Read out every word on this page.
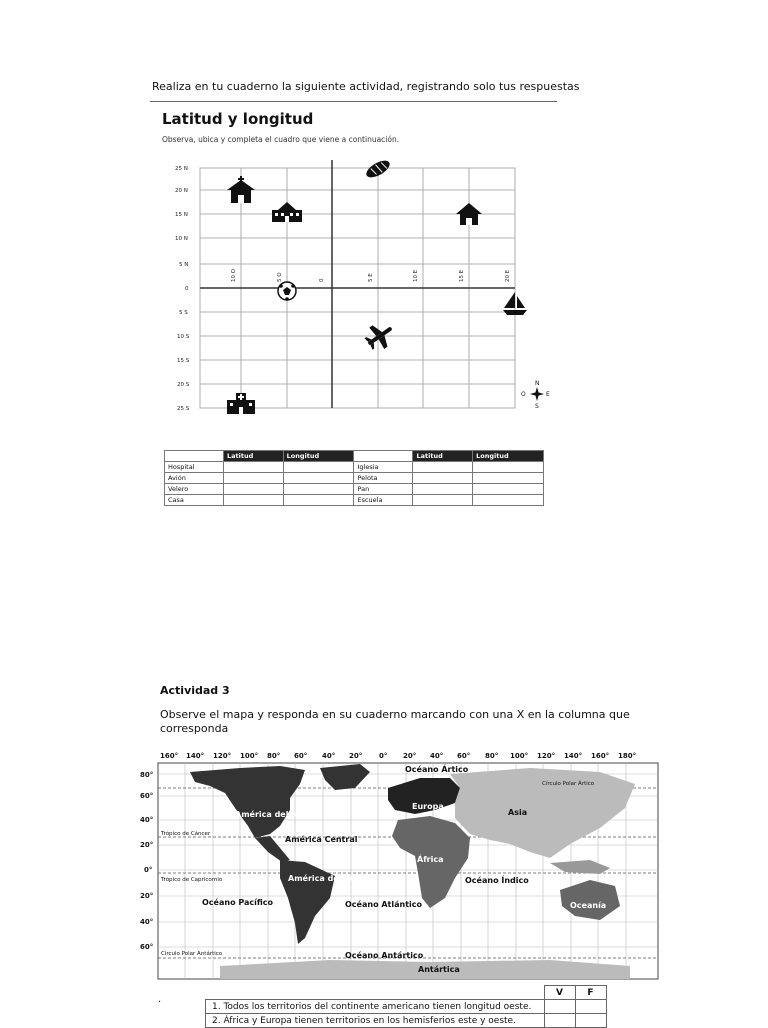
Realiza en tu cuaderno la siguiente actividad, registrando solo tus respuestas
Latitud y longitud
Observa, ubica y completa el cuadro que viene a continuación.
25 N
20 N
15 N
10 N
5 N
0
5 S
10 S
15 S
20 S
25 S
10 O	5 O	0	5 E	10 E	15 E	20 E
N
S
E
O
	Latitud	Longitud		Latitud	Longitud
Hospital			Iglesia		
Avión			Pelota		
Velero			Pan		
Casa			Escuela		
Actividad 3
Observe el mapa y responda en su cuaderno marcando con una X en la columna que corresponda
160° 140° 120° 100° 80° 60° 40° 20° 0° 20° 40° 60° 80° 100° 120° 140° 160° 180°
80°
60°
40°
20°
0°
20°
40°
60°
Círculo Polar Ártico
Trópico de Cáncer
Trópico de Capricornio
Círculo Polar Antártico
Océano Ártico
Asia
Océano Índico
Océano Pacífico	Océano Atlántico
Océano Antártico
Antártica
América del Norte
América Central
América del Sur
Europa
África
Oceanía
.
	V	F
1. Todos los territorios del continente americano tienen longitud oeste.		
2. África y Europa tienen territorios en los hemisferios este y oeste.		
